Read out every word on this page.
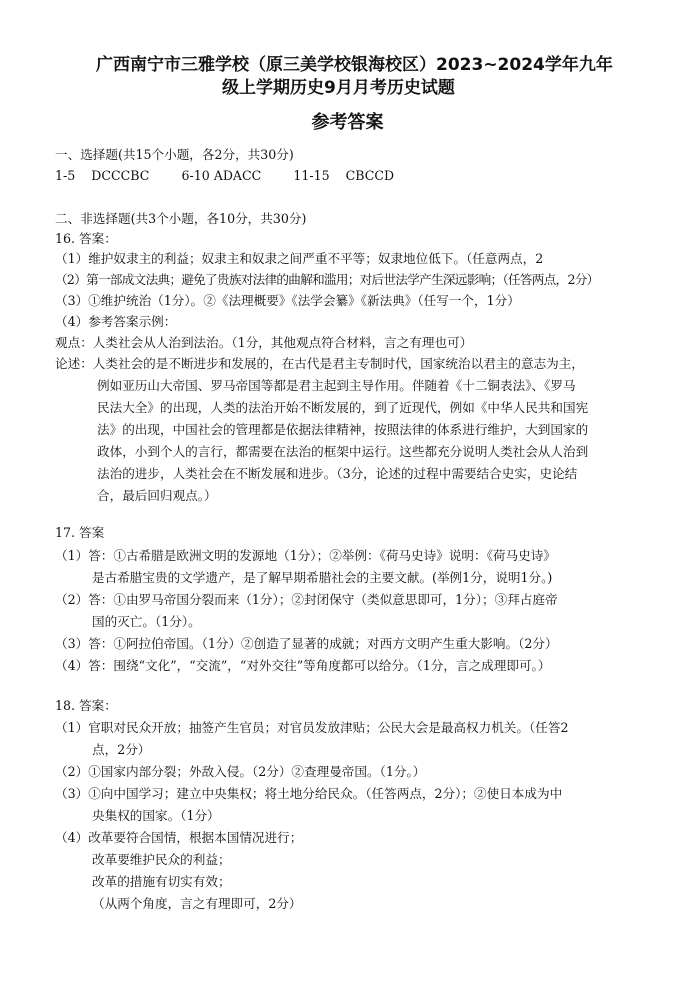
广西南宁市三雅学校（原三美学校银海校区）2023~2024学年九年
级上学期历史9月月考历史试题
参考答案
一、选择题(共15个小题，各2分，共30分)
1-5    DCCCBC        6-10 ADACC        11-15    CBCCD
二、非选择题(共3个小题，各10分，共30分)
16. 答案：
（1）维护奴隶主的利益；奴隶主和奴隶之间严重不平等；奴隶地位低下。（任意两点，2
（2）第一部成文法典；避免了贵族对法律的曲解和滥用；对后世法学产生深远影响；（任答两点，2分）
（3）①维护统治（1分）。②《法理概要》《法学会纂》《新法典》（任写一个，1分）
（4）参考答案示例：
观点：人类社会从人治到法治。（1分，其他观点符合材料，言之有理也可）
论述：人类社会的是不断进步和发展的，在古代是君主专制时代，国家统治以君主的意志为主，
例如亚历山大帝国、罗马帝国等都是君主起到主导作用。伴随着《十二铜表法》、《罗马
民法大全》的出现，人类的法治开始不断发展的，到了近现代，例如《中华人民共和国宪
法》的出现，中国社会的管理都是依据法律精神，按照法律的体系进行维护，大到国家的
政体，小到个人的言行，都需要在法治的框架中运行。这些都充分说明人类社会从人治到
法治的进步，人类社会在不断发展和进步。（3分，论述的过程中需要结合史实，史论结
合，最后回归观点。）
17. 答案
（1）答：①古希腊是欧洲文明的发源地（1分）；②举例：《荷马史诗》说明：《荷马史诗》
是古希腊宝贵的文学遗产，是了解早期希腊社会的主要文献。(举例1分，说明1分。)
（2）答：①由罗马帝国分裂而来（1分）；②封闭保守（类似意思即可，1分）；③拜占庭帝
国的灭亡。（1分）。
（3）答：①阿拉伯帝国。（1分）②创造了显著的成就；对西方文明产生重大影响。（2分）
（4）答：围绕“文化”，“交流”，“对外交往”等角度都可以给分。（1分，言之成理即可。）
18. 答案：
（1）官职对民众开放；抽签产生官员；对官员发放津贴；公民大会是最高权力机关。（任答2
点，2分）
（2）①国家内部分裂；外敌入侵。（2分）②查理曼帝国。（1分。）
（3）①向中国学习；建立中央集权；将土地分给民众。（任答两点，2分）；②使日本成为中
央集权的国家。（1分）
（4）改革要符合国情，根据本国情况进行；
改革要维护民众的利益；
改革的措施有切实有效；
（从两个角度，言之有理即可，2分）
